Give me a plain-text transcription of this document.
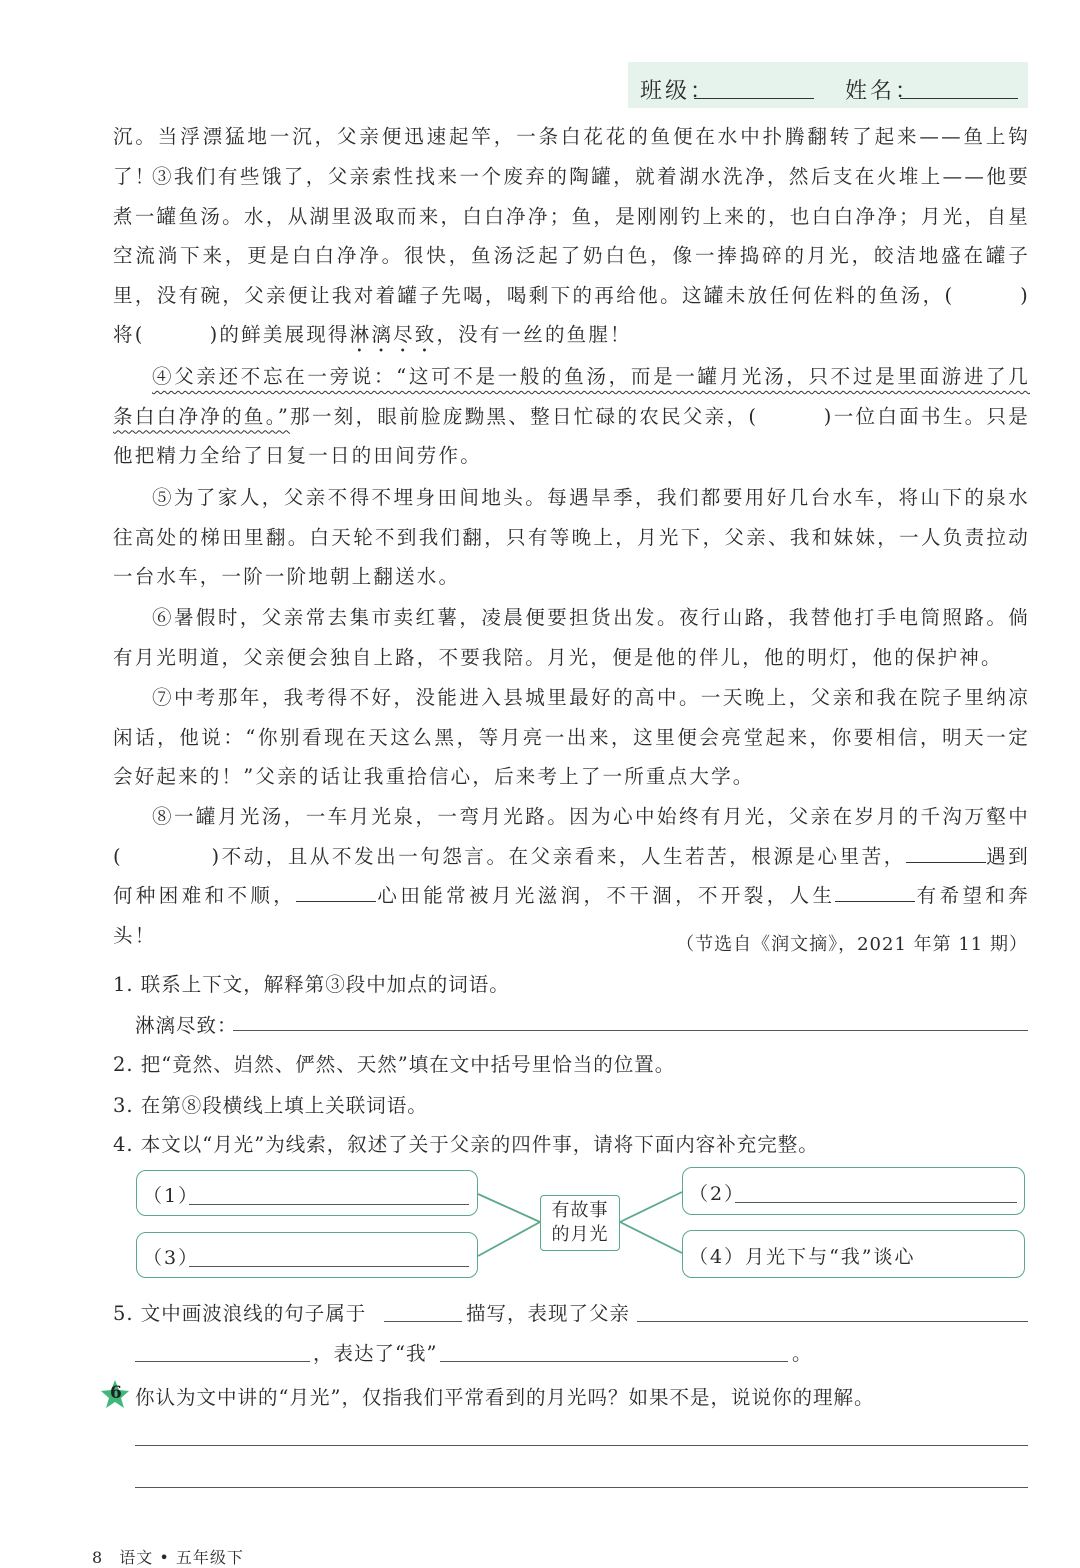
班级：	姓名：

沉。当浮漂猛地一沉，父亲便迅速起竿，一条白花花的鱼便在水中扑腾翻转了起来——鱼上钩了！

③我们有些饿了，父亲索性找来一个废弃的陶罐，就着湖水洗净，然后支在火堆上——他要煮一罐鱼汤。水，从湖里汲取而来，白白净净；鱼，是刚刚钓上来的，也白白净净；月光，自星空流淌下来，更是白白净净。很快，鱼汤泛起了奶白色，像一捧捣碎的月光，皎洁地盛在罐子里，没有碗，父亲便让我对着罐子先喝，喝剩下的再给他。这罐未放任何佐料的鱼汤，(　　　)将(　　　)的鲜美展现得淋漓尽致，没有一丝的鱼腥！

④父亲还不忘在一旁说：“这可不是一般的鱼汤，而是一罐月光汤，只不过是里面游进了几条白白净净的鱼。”那一刻，眼前脸庞黝黑、整日忙碌的农民父亲，(　　　)一位白面书生。只是他把精力全给了日复一日的田间劳作。

⑤为了家人，父亲不得不埋身田间地头。每遇旱季，我们都要用好几台水车，将山下的泉水往高处的梯田里翻。白天轮不到我们翻，只有等晚上，月光下，父亲、我和妹妹，一人负责拉动一台水车，一阶一阶地朝上翻送水。

⑥暑假时，父亲常去集市卖红薯，凌晨便要担货出发。夜行山路，我替他打手电筒照路。倘有月光明道，父亲便会独自上路，不要我陪。月光，便是他的伴儿，他的明灯，他的保护神。

⑦中考那年，我考得不好，没能进入县城里最好的高中。一天晚上，父亲和我在院子里纳凉闲话，他说：“你别看现在天这么黑，等月亮一出来，这里便会亮堂起来，你要相信，明天一定会好起来的！”父亲的话让我重拾信心，后来考上了一所重点大学。

⑧一罐月光汤，一车月光泉，一弯月光路。因为心中始终有月光，父亲在岁月的千沟万壑中(　　　　)不动，且从不发出一句怨言。在父亲看来，人生若苦，根源是心里苦，	遇到何种困难和不顺，	心田能常被月光滋润，不干涸，不开裂，人生	有希望和奔头！	（节选自《润文摘》，2021 年第 11 期）

1. 联系上下文，解释第③段中加点的词语。

淋漓尽致：

2. 把“竟然、岿然、俨然、天然”填在文中括号里恰当的位置。

3. 在第⑧段横线上填上关联词语。

4. 本文以“月光”为线索，叙述了关于父亲的四件事，请将下面内容补充完整。

（1）
（3）
有故事
的月光
（2）
（4）月光下与“我”谈心

5. 文中画波浪线的句子属于	描写，表现了父亲

，表达了“我”	。

6 你认为文中讲的“月光”，仅指我们平常看到的月光吗？如果不是，说说你的理解。

8 语文 • 五年级下
